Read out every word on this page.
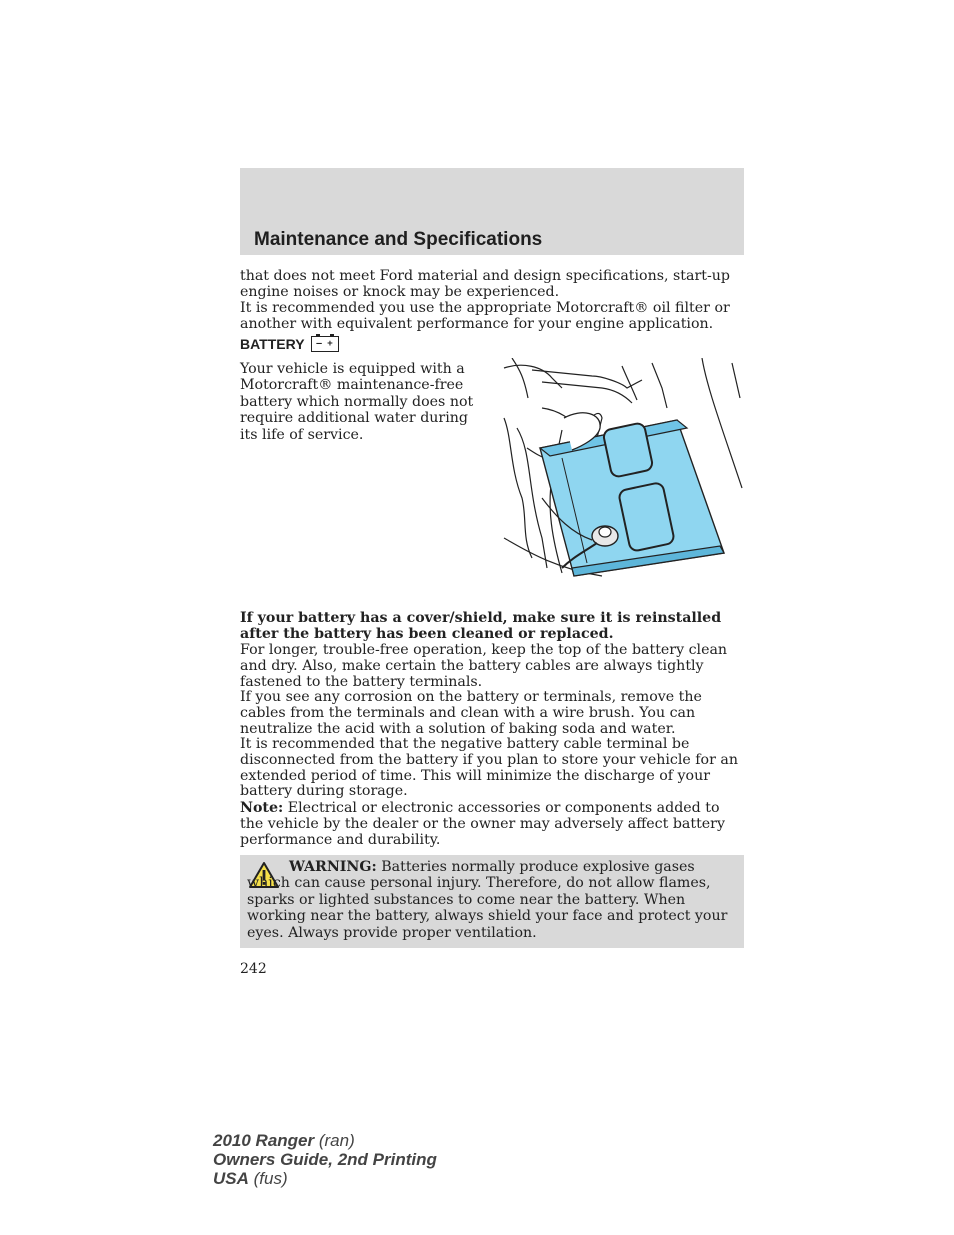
Maintenance and Specifications

that does not meet Ford material and design specifications, start-up engine noises or knock may be experienced.

It is recommended you use the appropriate Motorcraft® oil filter or another with equivalent performance for your engine application.

BATTERY	– +

Your vehicle is equipped with a Motorcraft® maintenance-free battery which normally does not require additional water during its life of service.

If your battery has a cover/shield, make sure it is reinstalled after the battery has been cleaned or replaced.

For longer, trouble-free operation, keep the top of the battery clean and dry. Also, make certain the battery cables are always tightly fastened to the battery terminals.

If you see any corrosion on the battery or terminals, remove the cables from the terminals and clean with a wire brush. You can neutralize the acid with a solution of baking soda and water.

It is recommended that the negative battery cable terminal be disconnected from the battery if you plan to store your vehicle for an extended period of time. This will minimize the discharge of your battery during storage.

Note: Electrical or electronic accessories or components added to the vehicle by the dealer or the owner may adversely affect battery performance and durability.

WARNING: Batteries normally produce explosive gases which can cause personal injury. Therefore, do not allow flames, sparks or lighted substances to come near the battery. When working near the battery, always shield your face and protect your eyes. Always provide proper ventilation.

242

2010 Ranger (ran)
Owners Guide, 2nd Printing
USA (fus)
